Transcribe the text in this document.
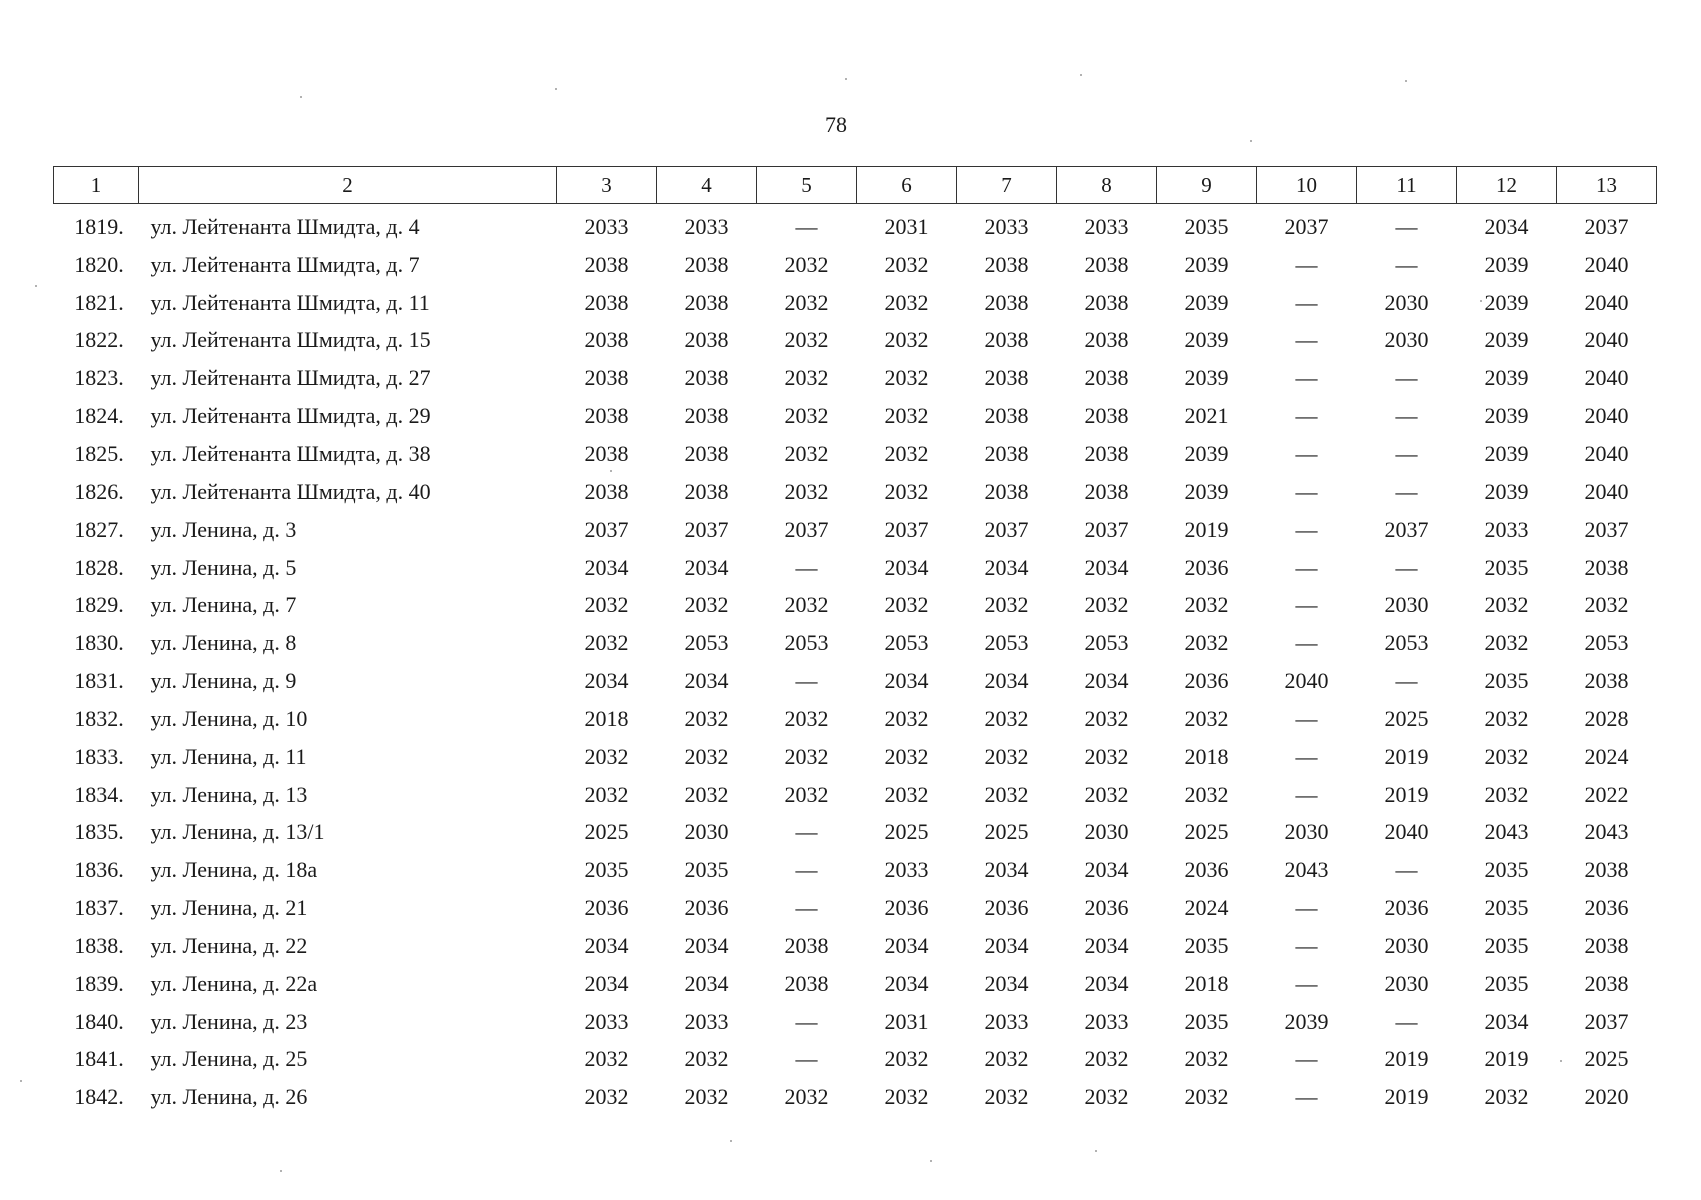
78
1	2	3	4	5	6	7	8	9	10	11	12	13
1819.	ул. Лейтенанта Шмидта, д. 4	2033	2033	—	2031	2033	2033	2035	2037	—	2034	2037
1820.	ул. Лейтенанта Шмидта, д. 7	2038	2038	2032	2032	2038	2038	2039	—	—	2039	2040
1821.	ул. Лейтенанта Шмидта, д. 11	2038	2038	2032	2032	2038	2038	2039	—	2030	2039	2040
1822.	ул. Лейтенанта Шмидта, д. 15	2038	2038	2032	2032	2038	2038	2039	—	2030	2039	2040
1823.	ул. Лейтенанта Шмидта, д. 27	2038	2038	2032	2032	2038	2038	2039	—	—	2039	2040
1824.	ул. Лейтенанта Шмидта, д. 29	2038	2038	2032	2032	2038	2038	2021	—	—	2039	2040
1825.	ул. Лейтенанта Шмидта, д. 38	2038	2038	2032	2032	2038	2038	2039	—	—	2039	2040
1826.	ул. Лейтенанта Шмидта, д. 40	2038	2038	2032	2032	2038	2038	2039	—	—	2039	2040
1827.	ул. Ленина, д. 3	2037	2037	2037	2037	2037	2037	2019	—	2037	2033	2037
1828.	ул. Ленина, д. 5	2034	2034	—	2034	2034	2034	2036	—	—	2035	2038
1829.	ул. Ленина, д. 7	2032	2032	2032	2032	2032	2032	2032	—	2030	2032	2032
1830.	ул. Ленина, д. 8	2032	2053	2053	2053	2053	2053	2032	—	2053	2032	2053
1831.	ул. Ленина, д. 9	2034	2034	—	2034	2034	2034	2036	2040	—	2035	2038
1832.	ул. Ленина, д. 10	2018	2032	2032	2032	2032	2032	2032	—	2025	2032	2028
1833.	ул. Ленина, д. 11	2032	2032	2032	2032	2032	2032	2018	—	2019	2032	2024
1834.	ул. Ленина, д. 13	2032	2032	2032	2032	2032	2032	2032	—	2019	2032	2022
1835.	ул. Ленина, д. 13/1	2025	2030	—	2025	2025	2030	2025	2030	2040	2043	2043
1836.	ул. Ленина, д. 18а	2035	2035	—	2033	2034	2034	2036	2043	—	2035	2038
1837.	ул. Ленина, д. 21	2036	2036	—	2036	2036	2036	2024	—	2036	2035	2036
1838.	ул. Ленина, д. 22	2034	2034	2038	2034	2034	2034	2035	—	2030	2035	2038
1839.	ул. Ленина, д. 22а	2034	2034	2038	2034	2034	2034	2018	—	2030	2035	2038
1840.	ул. Ленина, д. 23	2033	2033	—	2031	2033	2033	2035	2039	—	2034	2037
1841.	ул. Ленина, д. 25	2032	2032	—	2032	2032	2032	2032	—	2019	2019	2025
1842.	ул. Ленина, д. 26	2032	2032	2032	2032	2032	2032	2032	—	2019	2032	2020
